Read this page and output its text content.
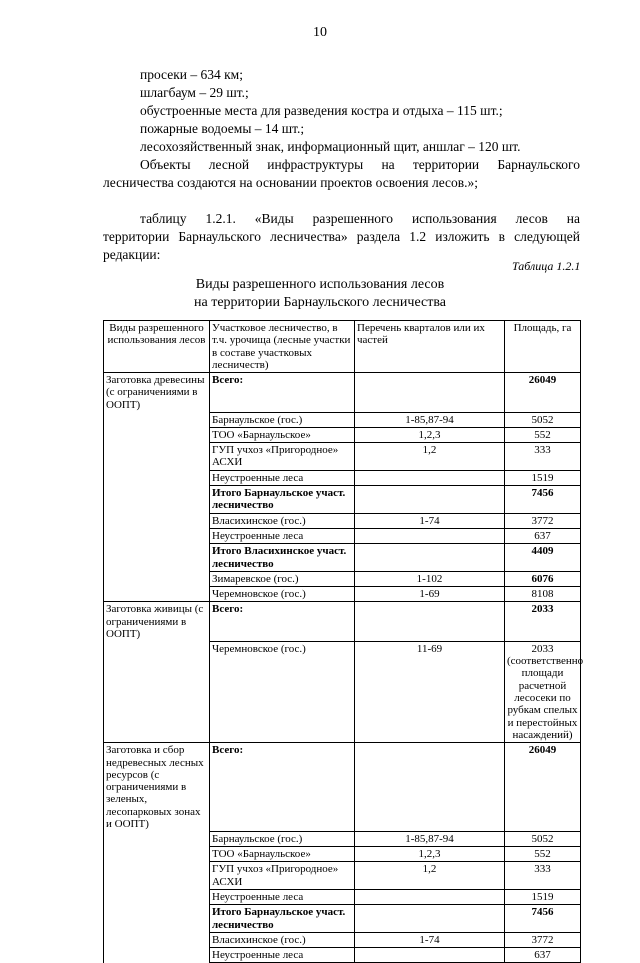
10
просеки – 634 км;
шлагбаум – 29 шт.;
обустроенные места для разведения костра и отдыха – 115 шт.;
пожарные водоемы – 14 шт.;
лесохозяйственный знак, информационный щит, аншлаг – 120 шт.
Объекты лесной инфраструктуры на территории Барнаульского
лесничества создаются на основании проектов освоения лесов.»;
таблицу 1.2.1. «Виды разрешенного использования лесов на
территории Барнаульского лесничества» раздела 1.2 изложить в следующей
редакции:
Таблица 1.2.1
Виды разрешенного использования лесов
на территории Барнаульского лесничества
Виды разрешенного использования лесов	Участковое лесничество, в т.ч. урочища (лесные участки в составе участковых лесничеств)	Перечень кварталов или их частей	Площадь, га
Заготовка древесины (с ограничениями в ООПТ)	Всего:		26049
	Барнаульское (гос.)	1-85,87-94	5052
	ТОО «Барнаульское»	1,2,3	552
	ГУП учхоз «Пригородное» АСХИ	1,2	333
	Неустроенные леса		1519
	Итого Барнаульское участ. лесничество		7456
	Власихинское (гос.)	1-74	3772
	Неустроенные леса		637
	Итого Власихинское участ. лесничество		4409
	Зимаревское (гос.)	1-102	6076
	Черемновское (гос.)	1-69	8108
Заготовка живицы (с ограничениями в ООПТ)	Всего:		2033
	Черемновское (гос.)	11-69	2033 (соответственно площади расчетной лесосеки по рубкам спелых и перестойных насаждений)
Заготовка и сбор недревесных лесных ресурсов (с ограничениями в зеленых, лесопарковых зонах и ООПТ)	Всего:		26049
	Барнаульское (гос.)	1-85,87-94	5052
	ТОО «Барнаульское»	1,2,3	552
	ГУП учхоз «Пригородное» АСХИ	1,2	333
	Неустроенные леса		1519
	Итого Барнаульское участ. лесничество		7456
	Власихинское (гос.)	1-74	3772
	Неустроенные леса		637
